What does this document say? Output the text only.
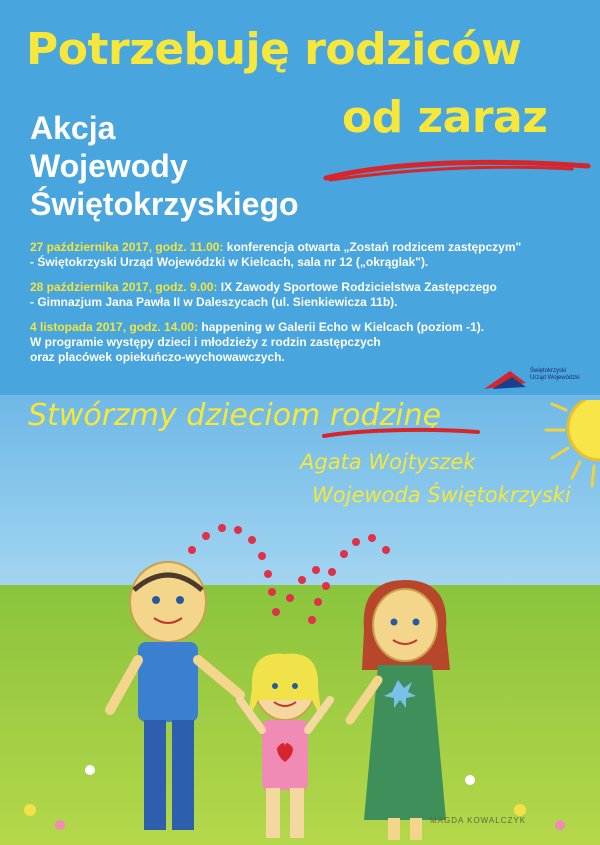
Potrzebuję rodziców
od zaraz
Akcja
Wojewody
Świętokrzyskiego
27 października 2017, godz. 11.00: konferencja otwarta „Zostań rodzicem zastępczym"
- Świętokrzyski Urząd Wojewódzki w Kielcach, sala nr 12 („okrąglak").
28 października 2017, godz. 9.00: IX Zawody Sportowe Rodzicielstwa Zastępczego
- Gimnazjum Jana Pawła II w Daleszycach (ul. Sienkiewicza 11b).
4 listopada 2017, godz. 14.00: happening w Galerii Echo w Kielcach (poziom -1).
W programie występy dzieci i młodzieży z rodzin zastępczych
oraz placówek opiekuńczo-wychowawczych.
Świętokrzyski
Urząd Wojewódzki
Stwórzmy dzieciom rodzinę
Agata Wojtyszek
Wojewoda Świętokrzyski
MAGDA KOWALCZYK
